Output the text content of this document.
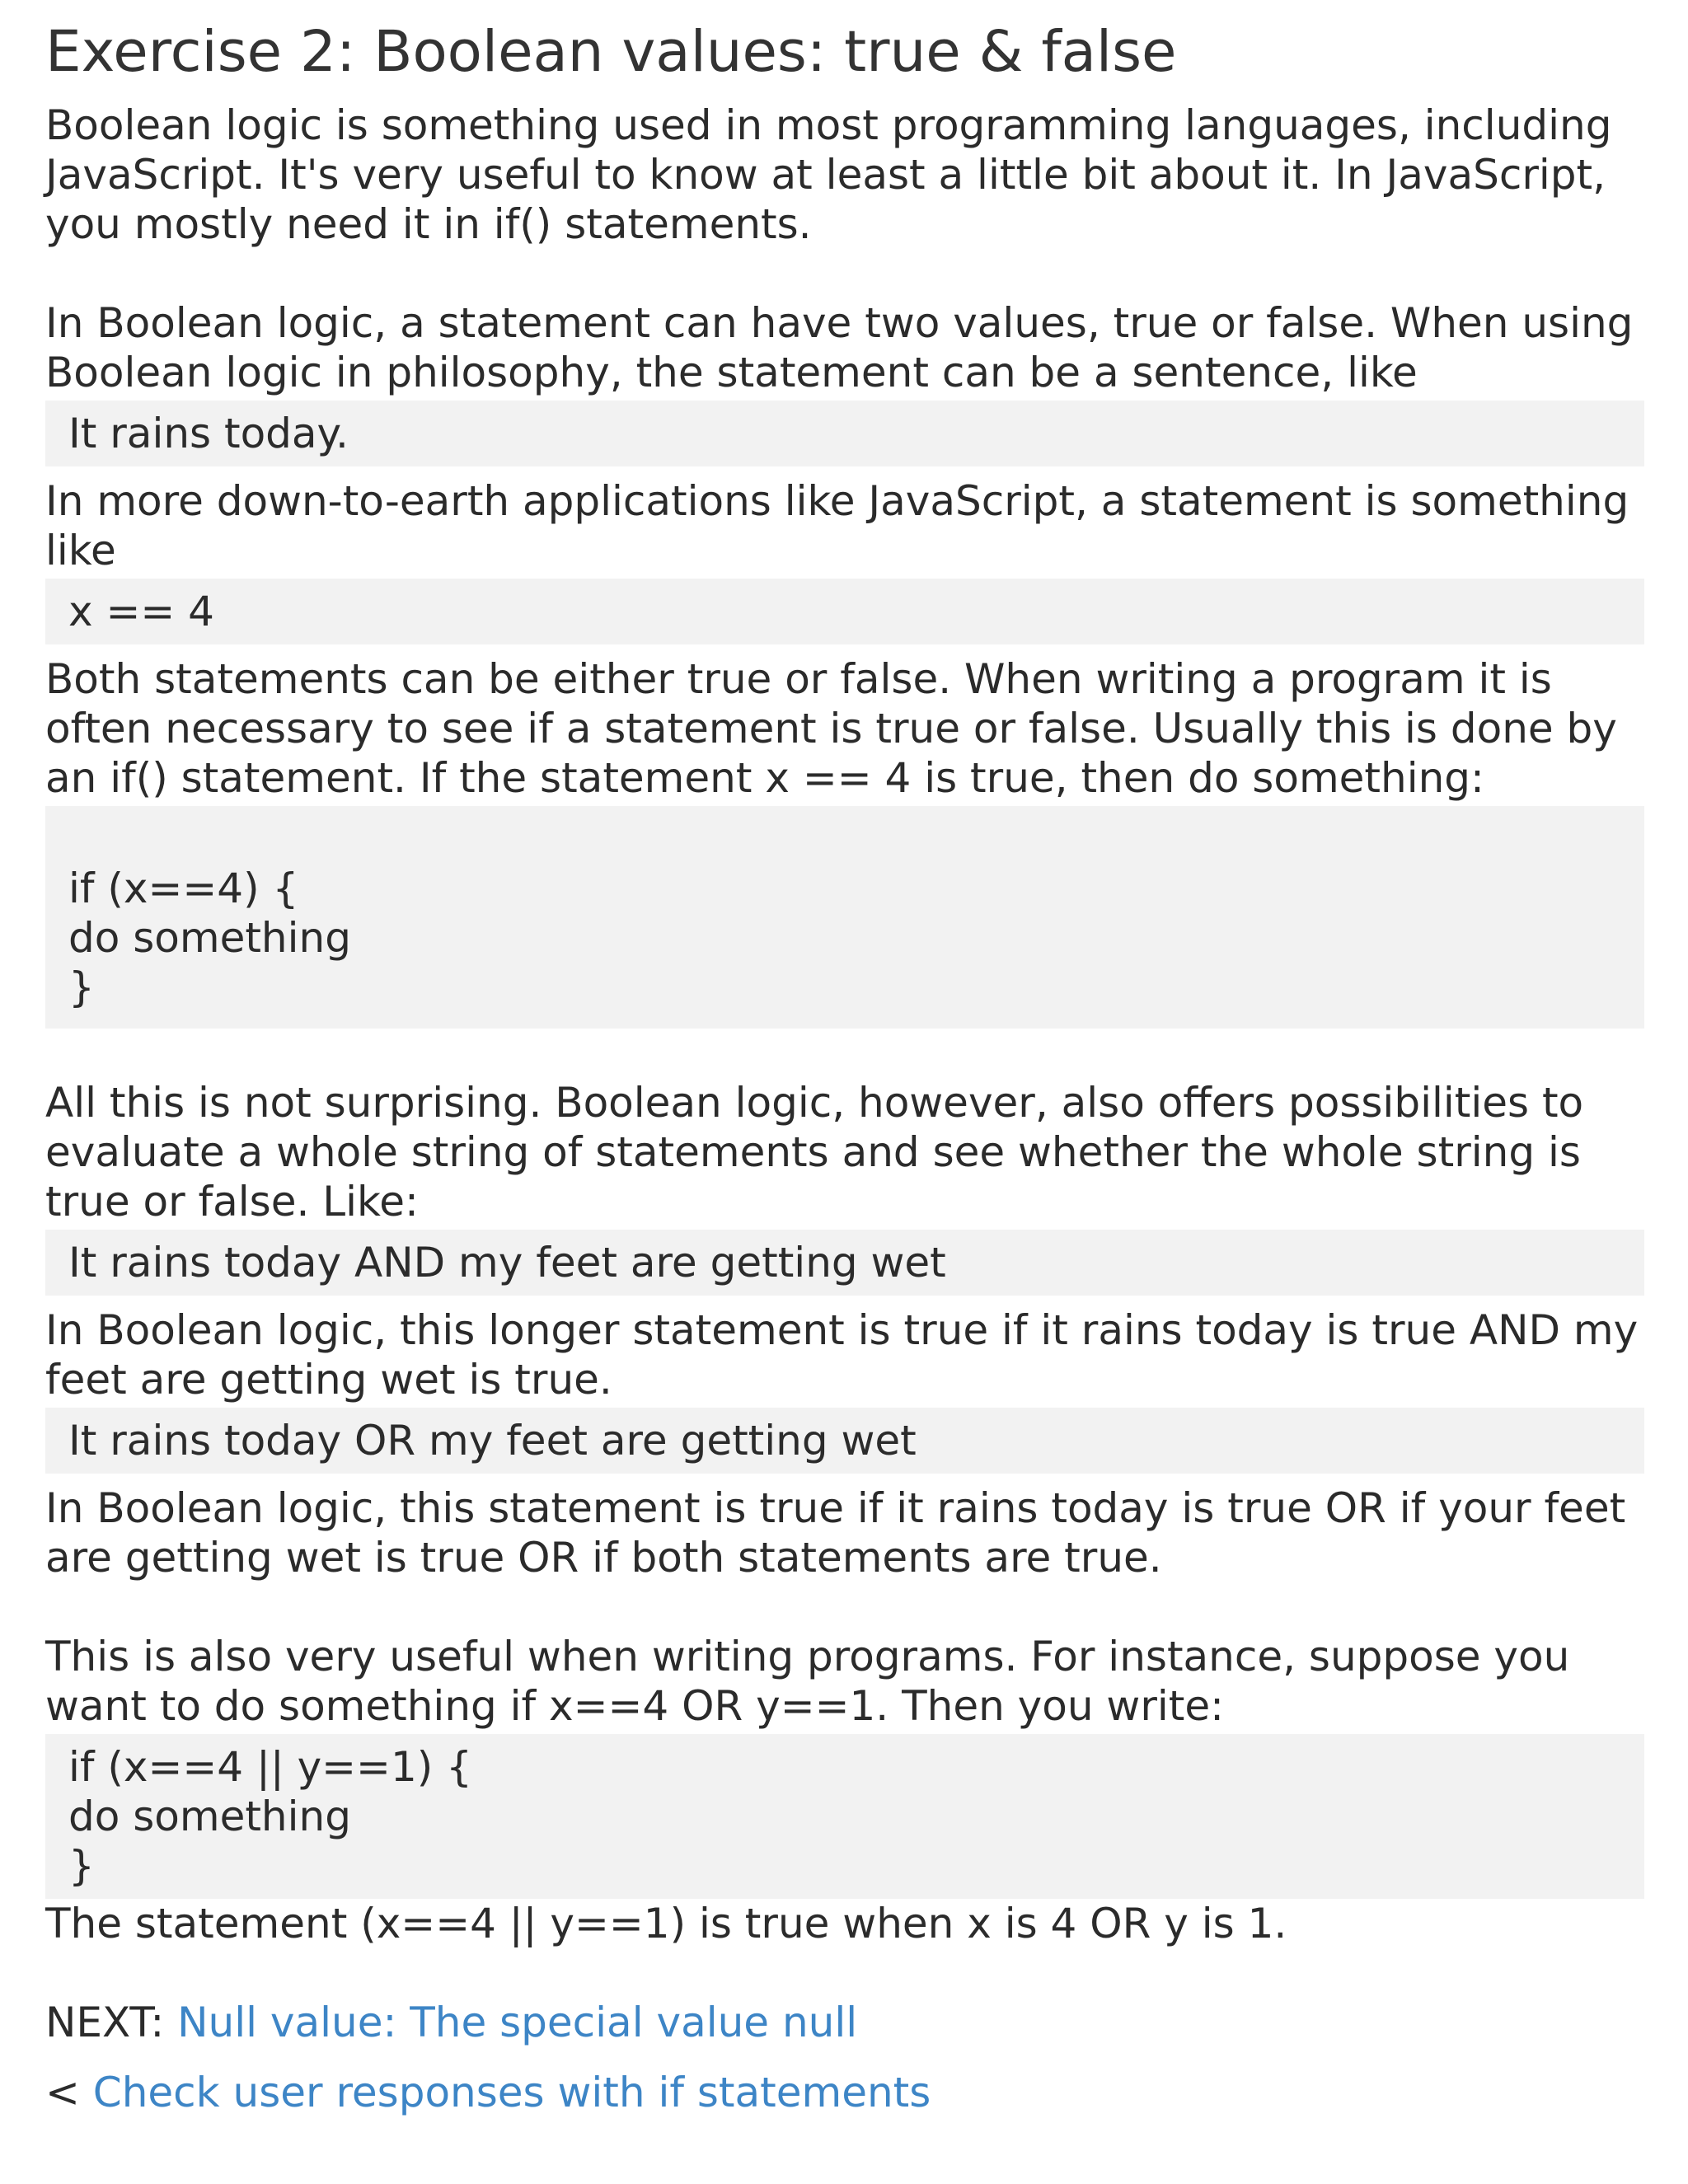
Exercise 2: Boolean values: true & false

Boolean logic is something used in most programming languages, including JavaScript. It's very useful to know at least a little bit about it. In JavaScript, you mostly need it in if() statements.

In Boolean logic, a statement can have two values, true or false. When using Boolean logic in philosophy, the statement can be a sentence, like

It rains today.

In more down-to-earth applications like JavaScript, a statement is something like

x == 4

Both statements can be either true or false. When writing a program it is often necessary to see if a statement is true or false. Usually this is done by an if() statement. If the statement x == 4 is true, then do something:

if (x==4) {
do something
}

All this is not surprising. Boolean logic, however, also offers possibilities to evaluate a whole string of statements and see whether the whole string is true or false. Like:

It rains today AND my feet are getting wet

In Boolean logic, this longer statement is true if it rains today is true AND my feet are getting wet is true.

It rains today OR my feet are getting wet

In Boolean logic, this statement is true if it rains today is true OR if your feet are getting wet is true OR if both statements are true.

This is also very useful when writing programs. For instance, suppose you want to do something if x==4 OR y==1. Then you write:

if (x==4 || y==1) {
do something
}

The statement (x==4 || y==1) is true when x is 4 OR y is 1.

NEXT: Null value: The special value null

< Check user responses with if statements
